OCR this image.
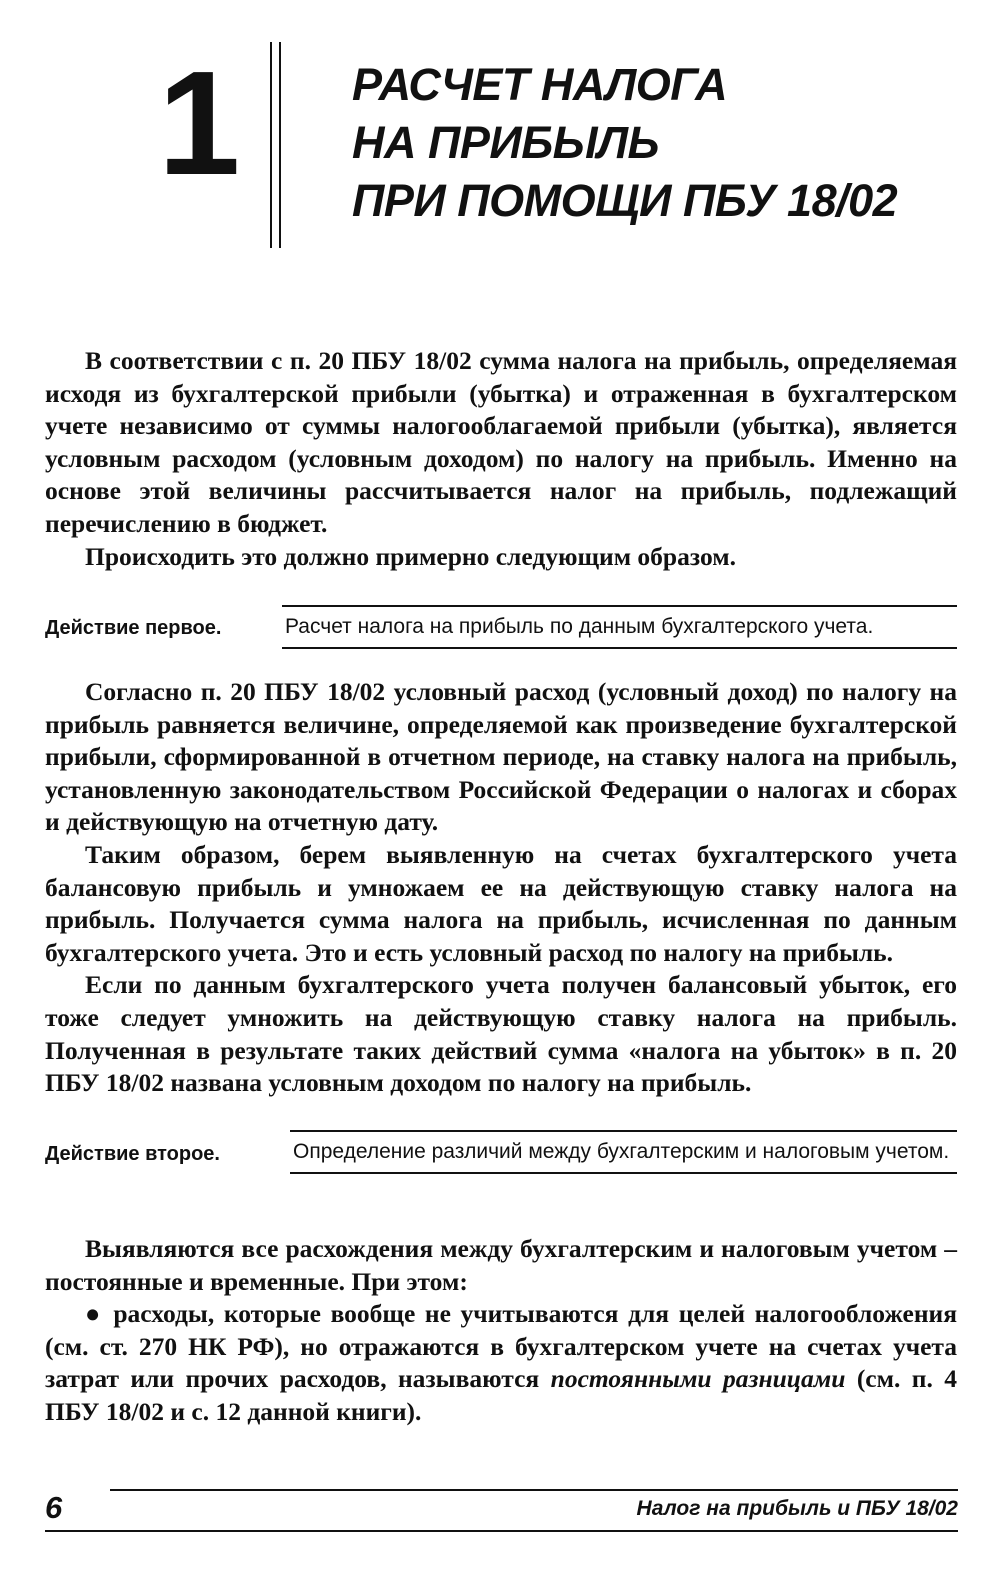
1 РАСЧЕТ НАЛОГА
НА ПРИБЫЛЬ
ПРИ ПОМОЩИ ПБУ 18/02

В соответствии с п. 20 ПБУ 18/02 сумма налога на прибыль, определяемая исходя из бухгалтерской прибыли (убытка) и отраженная в бухгалтерском учете независимо от суммы налогооблагаемой прибыли (убытка), является условным расходом (условным доходом) по налогу на прибыль. Именно на основе этой величины рассчитывается налог на прибыль, подлежащий перечислению в бюджет.

Происходить это должно примерно следующим образом.

Действие первое.	Расчет налога на прибыль по данным бухгалтерского учета.

Согласно п. 20 ПБУ 18/02 условный расход (условный доход) по налогу на прибыль равняется величине, определяемой как произведение бухгалтерской прибыли, сформированной в отчетном периоде, на ставку налога на прибыль, установленную законодательством Российской Федерации о налогах и сборах и действующую на отчетную дату.

Таким образом, берем выявленную на счетах бухгалтерского учета балансовую прибыль и умножаем ее на действующую ставку налога на прибыль. Получается сумма налога на прибыль, исчисленная по данным бухгалтерского учета. Это и есть условный расход по налогу на прибыль.

Если по данным бухгалтерского учета получен балансовый убыток, его тоже следует умножить на действующую ставку налога на прибыль. Полученная в результате таких действий сумма «налога на убыток» в п. 20 ПБУ 18/02 названа условным доходом по налогу на прибыль.

Действие второе.	Определение различий между бухгалтерским и налоговым учетом.

Выявляются все расхождения между бухгалтерским и налоговым учетом – постоянные и временные. При этом:

● расходы, которые вообще не учитываются для целей налогообложения (см. ст. 270 НК РФ), но отражаются в бухгалтерском учете на счетах учета затрат или прочих расходов, называются постоянными разницами (см. п. 4 ПБУ 18/02 и с. 12 данной книги).

6	Налог на прибыль и ПБУ 18/02
